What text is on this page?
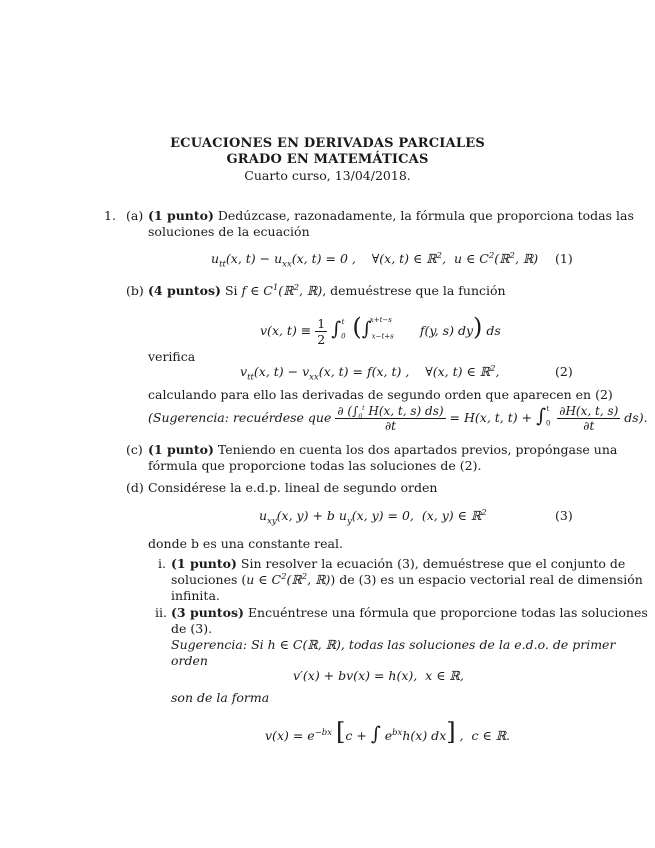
ECUACIONES EN DERIVADAS PARCIALES
GRADO EN MATEMÁTICAS
Cuarto curso, 13/04/2018.
1. (a) (1 punto) Dedúzcase, razonadamente, la fórmula que proporciona todas las
soluciones de la ecuación
$u_{tt}(x$, $t) - u_{xx}(x$, t) = 0 ,    ∀(x, t) ∈ ℝ$^2$,  u ∈ $C^2(ℝ^2$, ℝ) (1)
(b) (4 puntos) Si f ∈ $C^1(ℝ^2$, ℝ), demuéstrese que la función
v(x, $t) \equiv \frac{1}{2} \int_0^t$ ($\int_{x-t+s}^{x+t-s}$ f(y, s) dy) ds
verifica
$v_{tt}(x$, $t) - v_{xx}(x$, t) = f(x, t) ,    ∀(x, t) ∈ ℝ$^2$,	(2)
calculando para ello las derivadas de segundo orden que aparecen en (2)
(Sugerencia: recuérdese que $\frac{\partial (\int_0^t H(x, t, s) ds)}{\partial t} = H(x$, t, $t) + \int_0^t \frac{\partial H(x, t, s)}{\partial t} ds$).
(c) (1 punto) Teniendo en cuenta los dos apartados previos, propóngase una
fórmula que proporcione todas las soluciones de (2).
(d) Considérese la e.d.p. lineal de segundo orden
$u_{xy}(x$, y) + b $u_y(x$, y) = 0,  (x, y) ∈ ℝ$^2$	(3)
donde b es una constante real.
i. (1 punto) Sin resolver la ecuación (3), demuéstrese que el conjunto de
soluciones (u ∈ $C^2(ℝ^2$, ℝ)) de (3) es un espacio vectorial real de dimensión
infinita.
ii. (3 puntos) Encuéntrese una fórmula que proporcione todas las soluciones
de (3).
Sugerencia: Si h ∈ C(ℝ, ℝ), todas las soluciones de la e.d.o. de primer
orden
v′(x) + bv(x) = h(x),  x ∈ ℝ,
son de la forma
$v(x) = e^{-bx}$ [c + ∫ $e^{bx}h(x)$ dx] ,  c ∈ ℝ.
